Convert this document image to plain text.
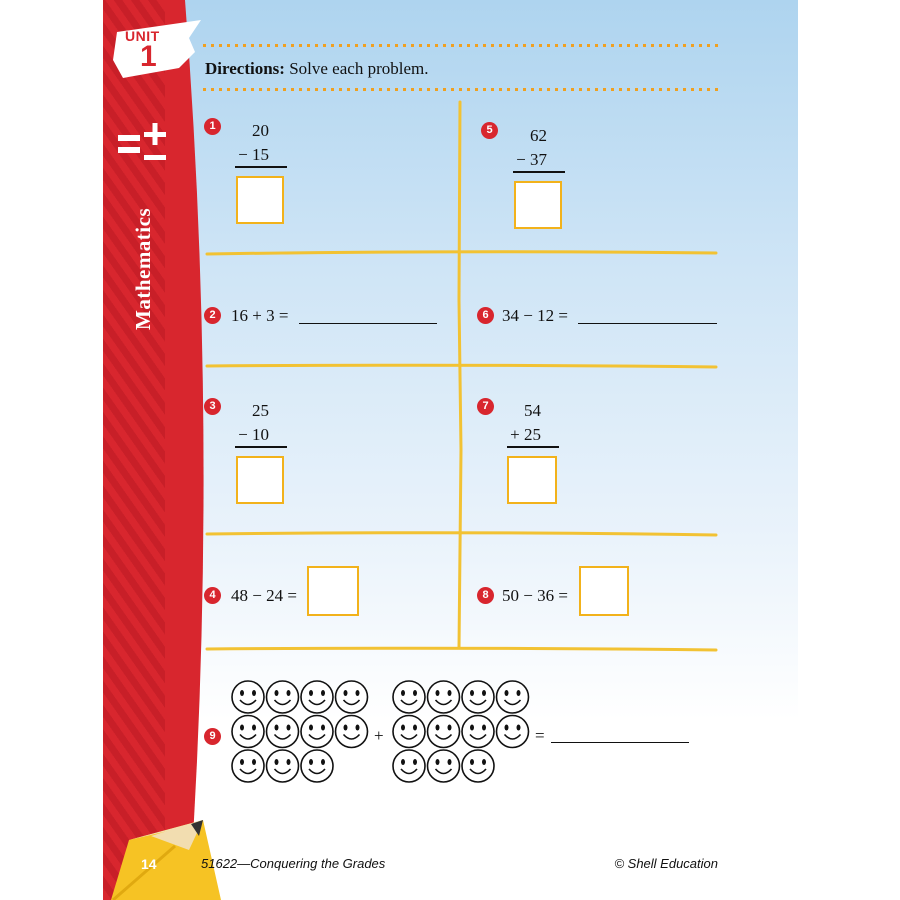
UNIT
1
Mathematics
14
Directions: Solve each problem.
1	20
− 15
2 16 + 3 =
3	25
− 10
4 48 − 24 =
5	62
− 37
6 34 − 12 =
7	54
+ 25
8 50 − 36 =
9	+	=
51622—Conquering the Grades	© Shell Education
